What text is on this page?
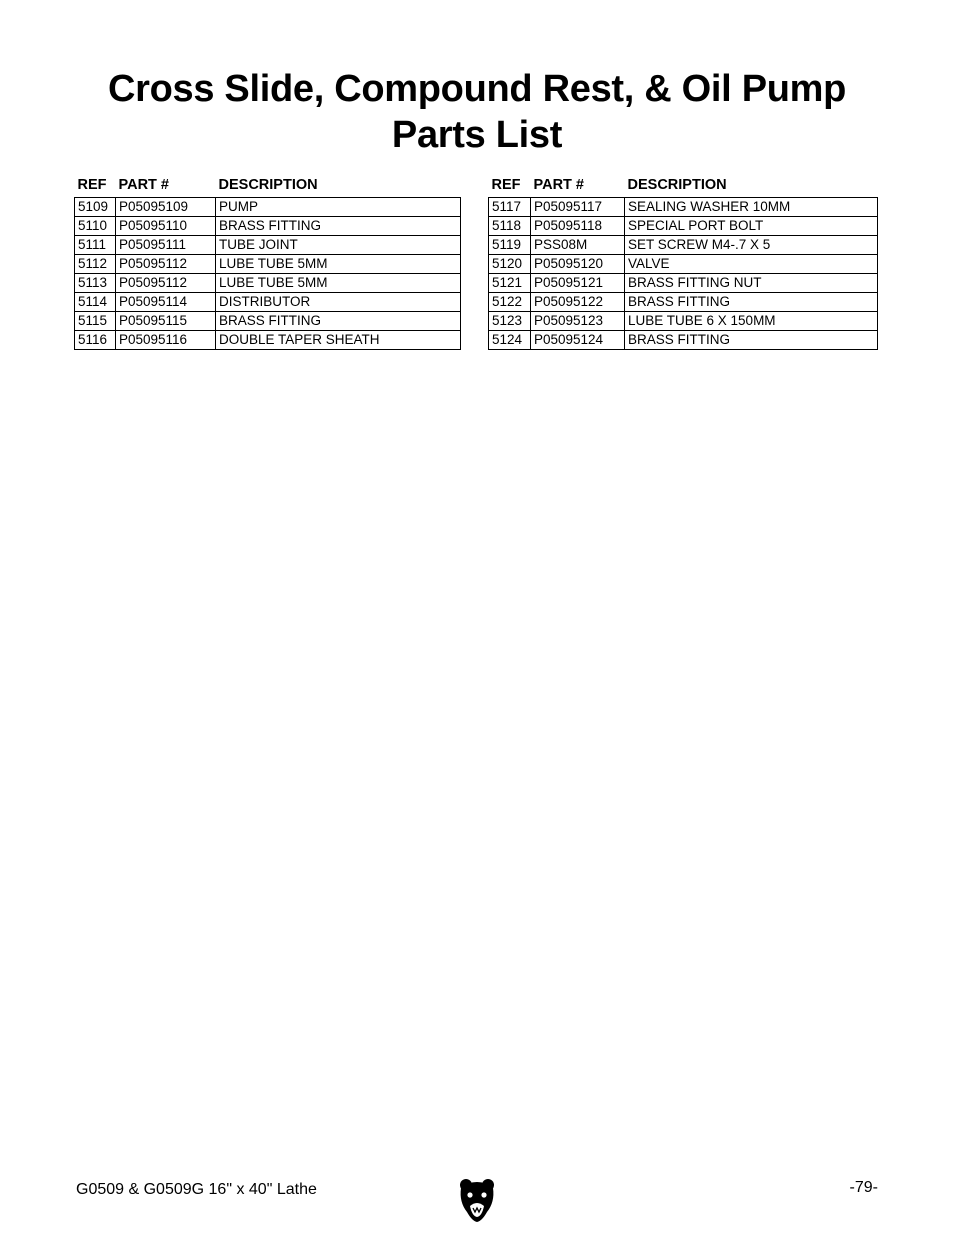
Cross Slide, Compound Rest, & Oil Pump
Parts List
REF	PART #	DESCRIPTION
5109	P05095109	PUMP
5110	P05095110	BRASS FITTING
5111	P05095111	TUBE JOINT
5112	P05095112	LUBE TUBE 5MM
5113	P05095112	LUBE TUBE 5MM
5114	P05095114	DISTRIBUTOR
5115	P05095115	BRASS FITTING
5116	P05095116	DOUBLE TAPER SHEATH
REF	PART #	DESCRIPTION
5117	P05095117	SEALING WASHER 10MM
5118	P05095118	SPECIAL PORT BOLT
5119	PSS08M	SET SCREW M4-.7 X 5
5120	P05095120	VALVE
5121	P05095121	BRASS FITTING NUT
5122	P05095122	BRASS FITTING
5123	P05095123	LUBE TUBE 6 X 150MM
5124	P05095124	BRASS FITTING
G0509 & G0509G 16" x 40" Lathe	-79-
